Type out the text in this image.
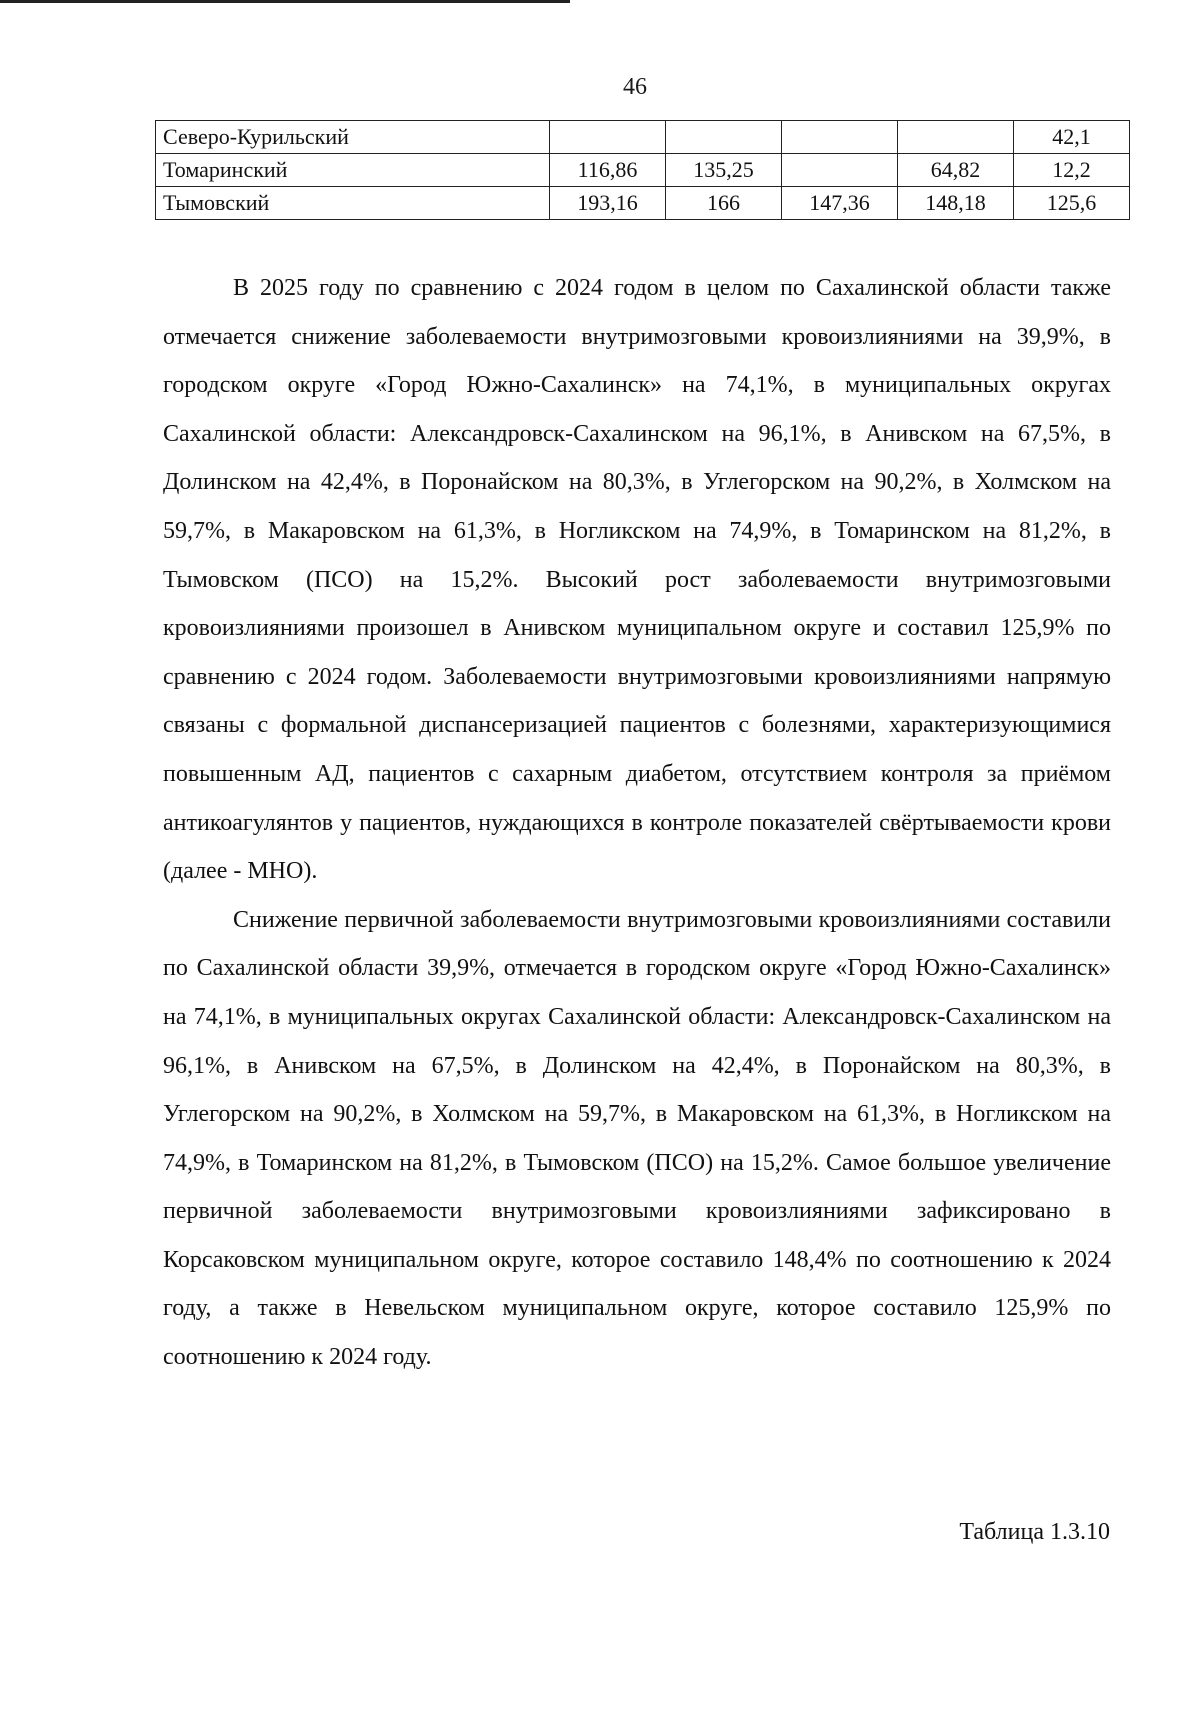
46
Северо-Курильский					42,1
Томаринский	116,86	135,25		64,82	12,2
Тымовский	193,16	166	147,36	148,18	125,6

В 2025 году по сравнению с 2024 годом в целом по Сахалинской области также отмечается снижение заболеваемости внутримозговыми кровоизлияниями на 39,9%, в городском округе «Город Южно-Сахалинск» на 74,1%, в муниципальных округах Сахалинской области: Александровск-Сахалинском на 96,1%, в Анивском на 67,5%, в Долинском на 42,4%, в Поронайском на 80,3%, в Углегорском на 90,2%, в Холмском на 59,7%, в Макаровском на 61,3%, в Ногликском на 74,9%, в Томаринском на 81,2%, в Тымовском (ПСО) на 15,2%. Высокий рост заболеваемости внутримозговыми кровоизлияниями произошел в Анивском муниципальном округе и составил 125,9% по сравнению с 2024 годом. Заболеваемости внутримозговыми кровоизлияниями напрямую связаны с формальной диспансеризацией пациентов с болезнями, характеризующимися повышенным АД, пациентов с сахарным диабетом, отсутствием контроля за приёмом антикоагулянтов у пациентов, нуждающихся в контроле показателей свёртываемости крови (далее - МНО).

Снижение первичной заболеваемости внутримозговыми кровоизлияниями составили по Сахалинской области 39,9%, отмечается в городском округе «Город Южно-Сахалинск» на 74,1%, в муниципальных округах Сахалинской области: Александровск-Сахалинском на 96,1%, в Анивском на 67,5%, в Долинском на 42,4%, в Поронайском на 80,3%, в Углегорском на 90,2%, в Холмском на 59,7%, в Макаровском на 61,3%, в Ногликском на 74,9%, в Томаринском на 81,2%, в Тымовском (ПСО) на 15,2%. Самое большое увеличение первичной заболеваемости внутримозговыми кровоизлияниями зафиксировано в Корсаковском муниципальном округе, которое составило 148,4% по соотношению к 2024 году, а также в Невельском муниципальном округе, которое составило 125,9% по соотношению к 2024 году.

Таблица 1.3.10
